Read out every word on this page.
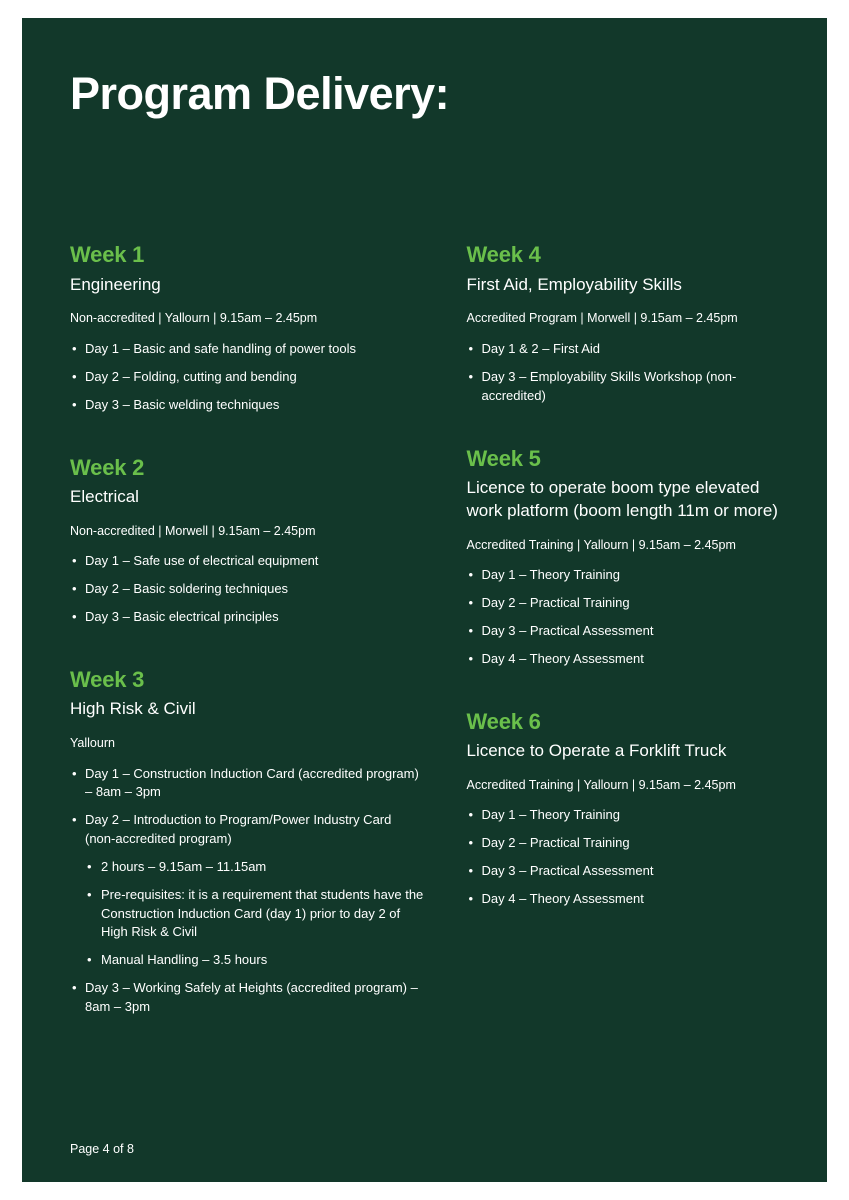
Program Delivery:
Week 1
Engineering
Non-accredited | Yallourn | 9.15am – 2.45pm
• Day 1 – Basic and safe handling of power tools
• Day 2 – Folding, cutting and bending
• Day 3 – Basic welding techniques
Week 2
Electrical
Non-accredited | Morwell | 9.15am – 2.45pm
• Day 1 – Safe use of electrical equipment
• Day 2 – Basic soldering techniques
• Day 3 – Basic electrical principles
Week 3
High Risk & Civil
Yallourn
• Day 1 – Construction Induction Card (accredited program) – 8am – 3pm
• Day 2 – Introduction to Program/Power Industry Card (non-accredited program)
• 2 hours – 9.15am – 11.15am
• Pre-requisites: it is a requirement that students have the Construction Induction Card (day 1) prior to day 2 of High Risk & Civil
• Manual Handling – 3.5 hours
• Day 3 – Working Safely at Heights (accredited program) – 8am – 3pm
Week 4
First Aid, Employability Skills
Accredited Program | Morwell | 9.15am – 2.45pm
• Day 1 & 2 – First Aid
• Day 3 – Employability Skills Workshop (non-accredited)
Week 5
Licence to operate boom type elevated work platform (boom length 11m or more)
Accredited Training | Yallourn | 9.15am – 2.45pm
• Day 1 – Theory Training
• Day 2 – Practical Training
• Day 3 – Practical Assessment
• Day 4 – Theory Assessment
Week 6
Licence to Operate a Forklift Truck
Accredited Training | Yallourn | 9.15am – 2.45pm
• Day 1 – Theory Training
• Day 2 – Practical Training
• Day 3 – Practical Assessment
• Day 4 – Theory Assessment
Page 4 of 8
